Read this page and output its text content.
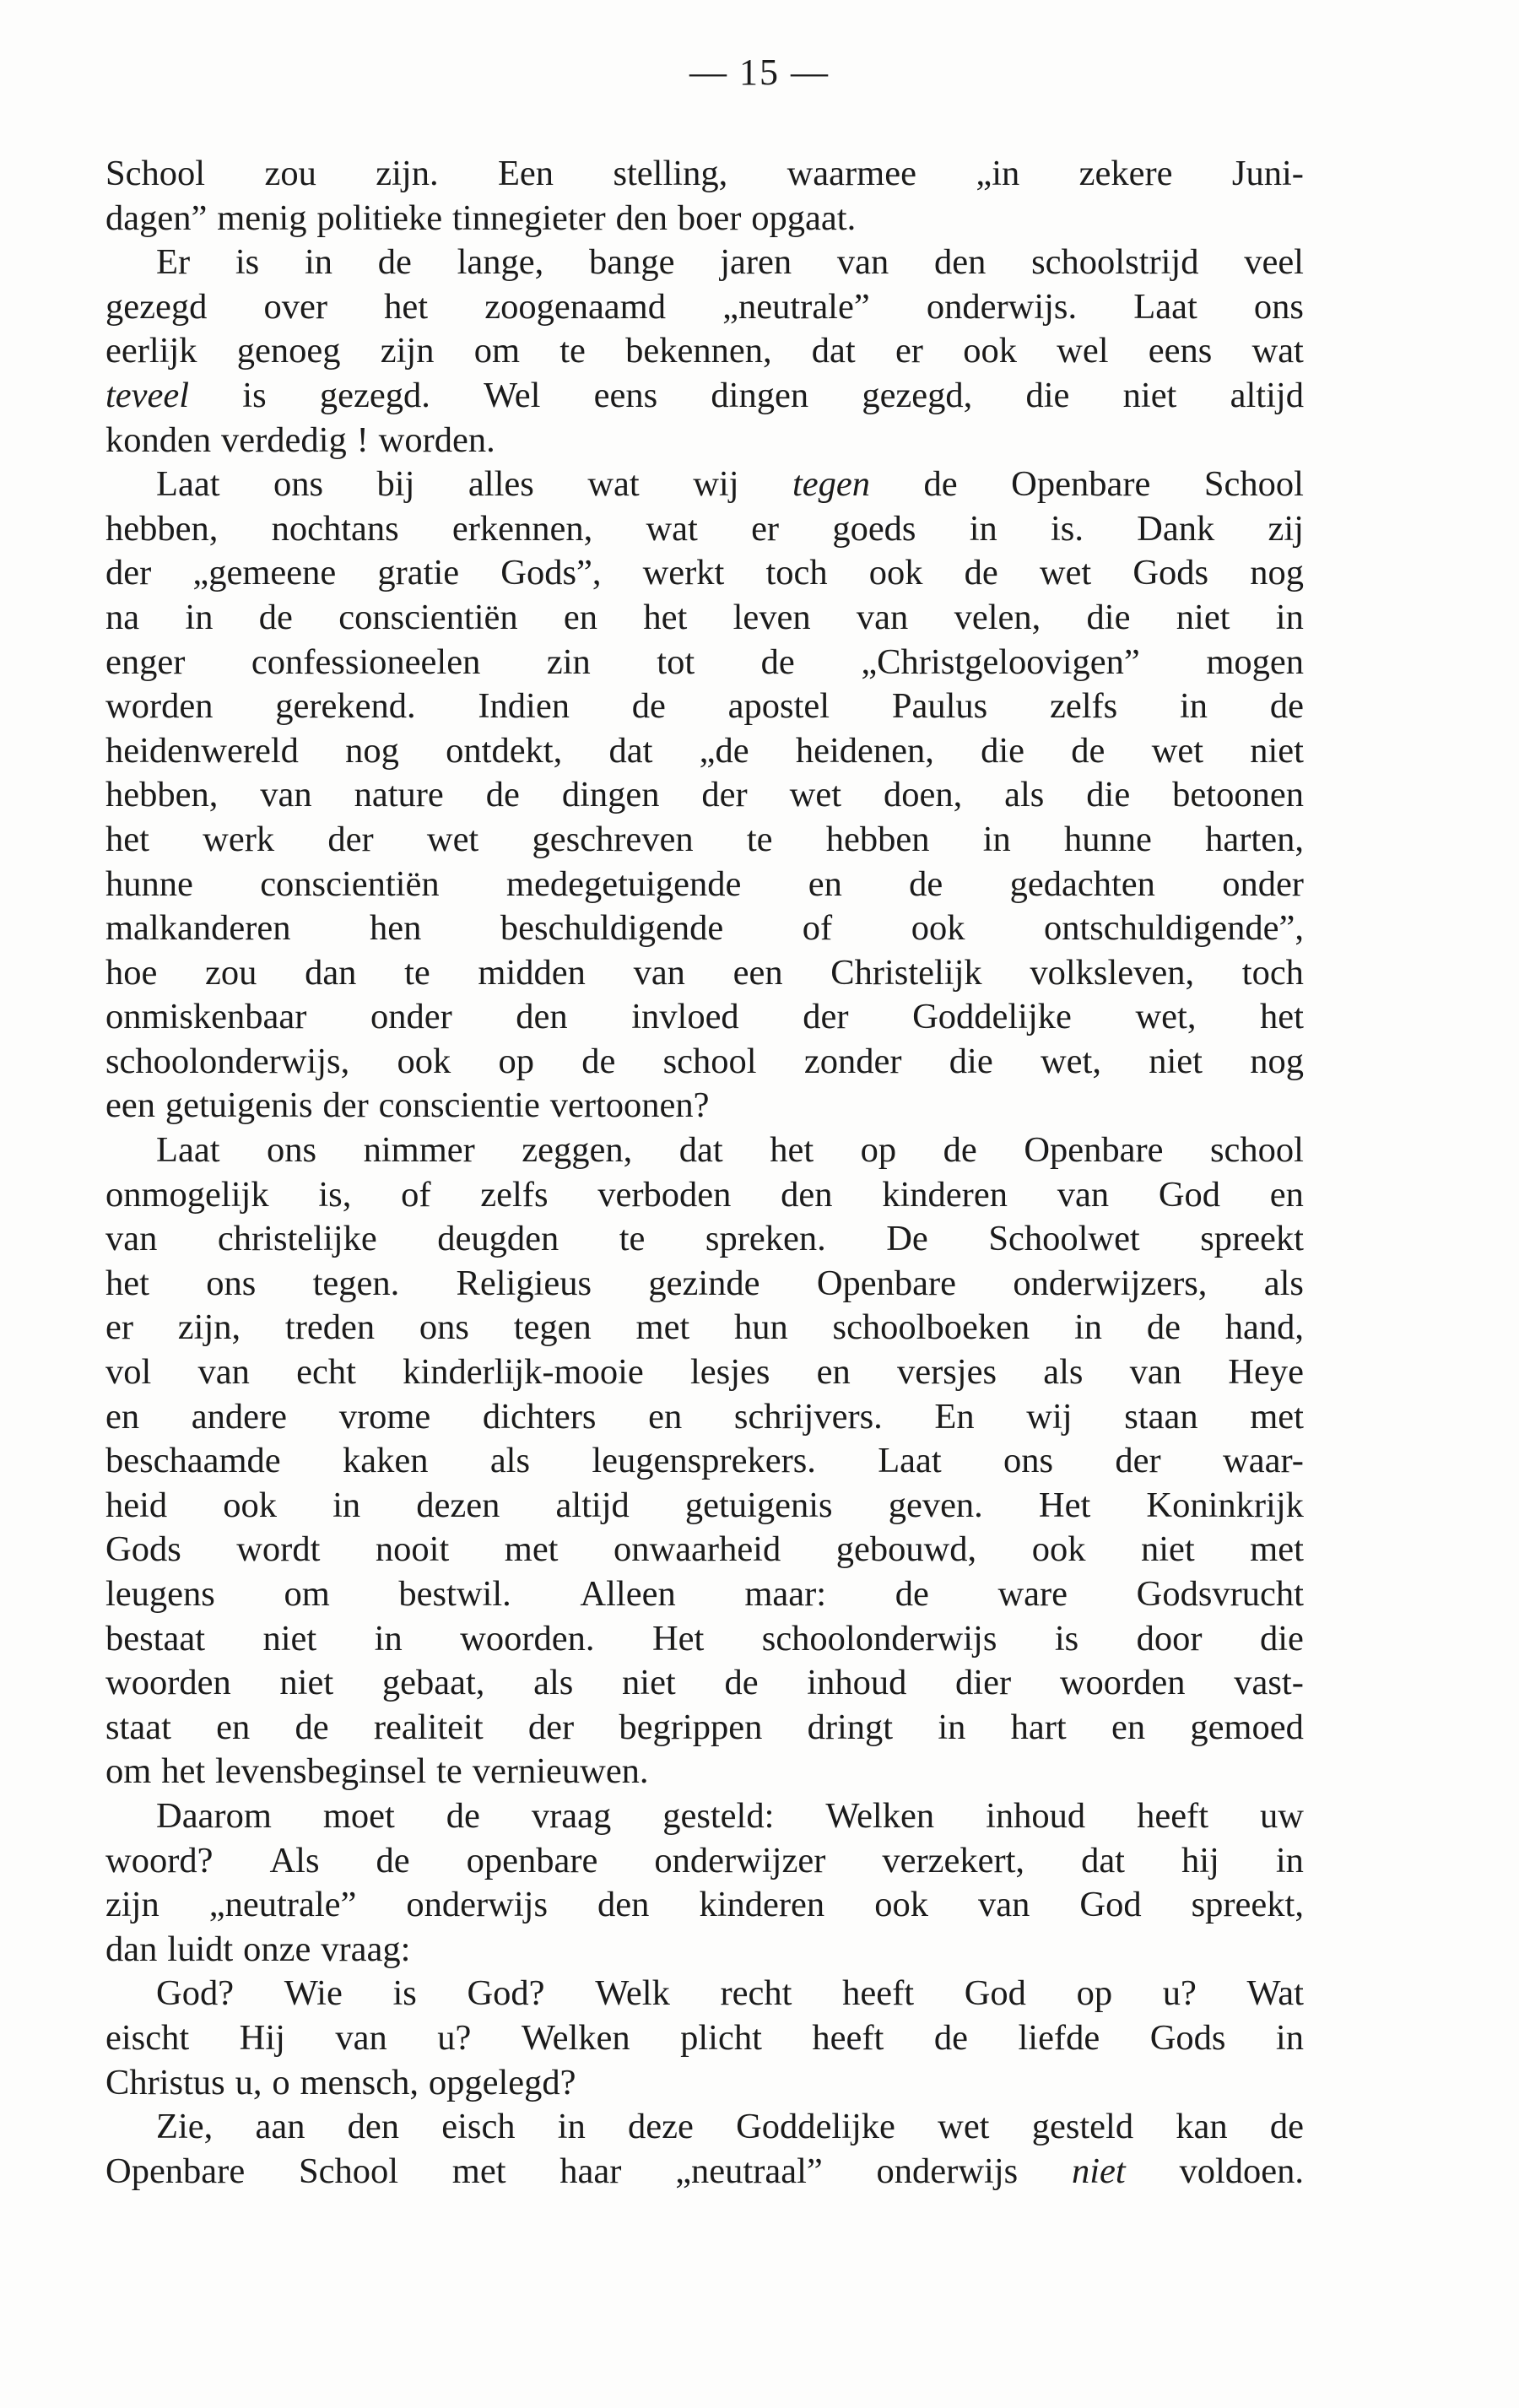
— 15 —
School zou zijn. Een stelling, waarmee „in zekere Juni-
dagen” menig politieke tinnegieter den boer opgaat.
Er is in de lange, bange jaren van den schoolstrijd veel
gezegd over het zoogenaamd „neutrale” onderwijs. Laat ons
eerlijk genoeg zijn om te bekennen, dat er ook wel eens wat
teveel is gezegd. Wel eens dingen gezegd, die niet altijd
konden verdedig ! worden.
Laat ons bij alles wat wij tegen de Openbare School
hebben, nochtans erkennen, wat er goeds in is. Dank zij
der „gemeene gratie Gods”, werkt toch ook de wet Gods nog
na in de conscientiën en het leven van velen, die niet in
enger confessioneelen zin tot de „Christgeloovigen” mogen
worden gerekend. Indien de apostel Paulus zelfs in de
heidenwereld nog ontdekt, dat „de heidenen, die de wet niet
hebben, van nature de dingen der wet doen, als die betoonen
het werk der wet geschreven te hebben in hunne harten,
hunne conscientiën medegetuigende en de gedachten onder
malkanderen hen beschuldigende of ook ontschuldigende”,
hoe zou dan te midden van een Christelijk volksleven, toch
onmiskenbaar onder den invloed der Goddelijke wet, het
schoolonderwijs, ook op de school zonder die wet, niet nog
een getuigenis der conscientie vertoonen?
Laat ons nimmer zeggen, dat het op de Openbare school
onmogelijk is, of zelfs verboden den kinderen van God en
van christelijke deugden te spreken. De Schoolwet spreekt
het ons tegen. Religieus gezinde Openbare onderwijzers, als
er zijn, treden ons tegen met hun schoolboeken in de hand,
vol van echt kinderlijk-mooie lesjes en versjes als van Heye
en andere vrome dichters en schrijvers. En wij staan met
beschaamde kaken als leugensprekers. Laat ons der waar-
heid ook in dezen altijd getuigenis geven. Het Koninkrijk
Gods wordt nooit met onwaarheid gebouwd, ook niet met
leugens om bestwil. Alleen maar: de ware Godsvrucht
bestaat niet in woorden. Het schoolonderwijs is door die
woorden niet gebaat, als niet de inhoud dier woorden vast-
staat en de realiteit der begrippen dringt in hart en gemoed
om het levensbeginsel te vernieuwen.
Daarom moet de vraag gesteld: Welken inhoud heeft uw
woord? Als de openbare onderwijzer verzekert, dat hij in
zijn „neutrale” onderwijs den kinderen ook van God spreekt,
dan luidt onze vraag:
God? Wie is God? Welk recht heeft God op u? Wat
eischt Hij van u? Welken plicht heeft de liefde Gods in
Christus u, o mensch, opgelegd?
Zie, aan den eisch in deze Goddelijke wet gesteld kan de
Openbare School met haar „neutraal” onderwijs niet voldoen.
